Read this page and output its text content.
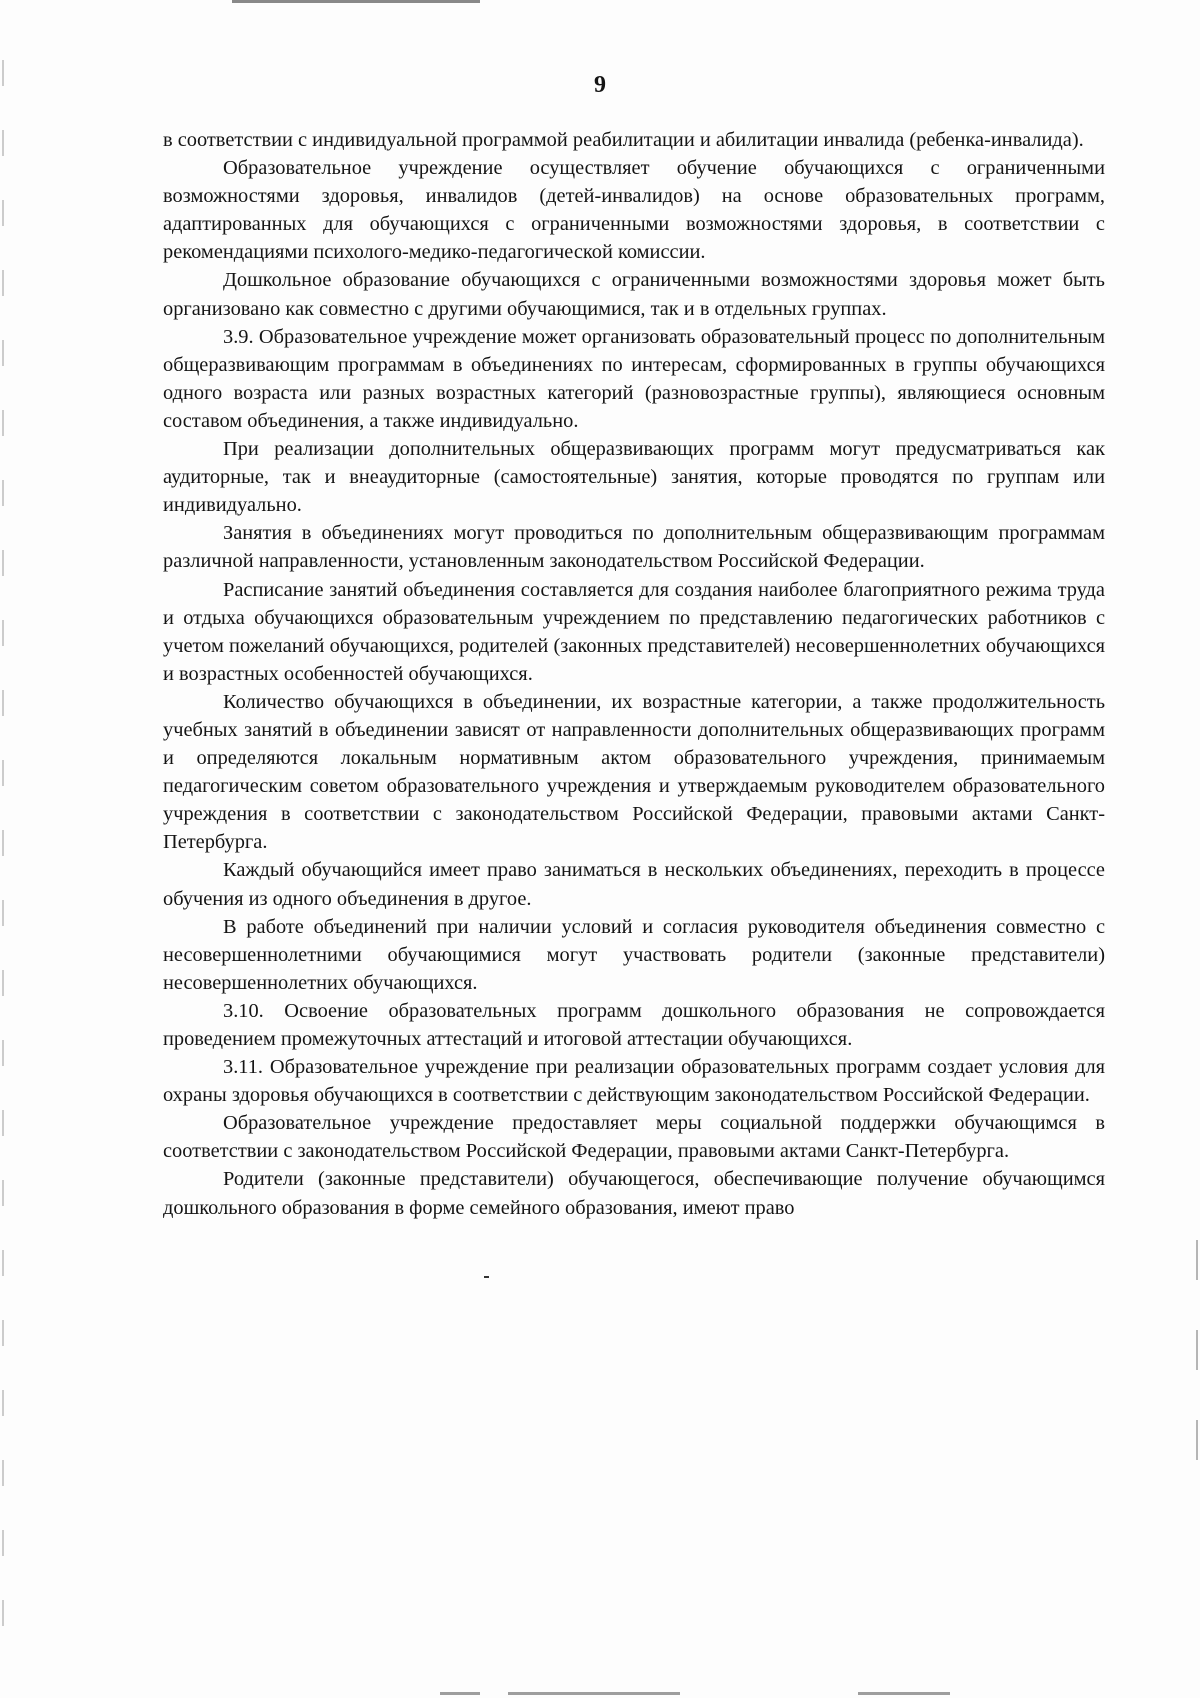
9

в соответствии с индивидуальной программой реабилитации и абилитации инвалида (ребенка-инвалида).

Образовательное учреждение осуществляет обучение обучающихся с ограниченными возможностями здоровья, инвалидов (детей-инвалидов) на основе образовательных программ, адаптированных для обучающихся с ограниченными возможностями здоровья, в соответствии с рекомендациями психолого-медико-педагогической комиссии.

Дошкольное образование обучающихся с ограниченными возможностями здоровья может быть организовано как совместно с другими обучающимися, так и в отдельных группах.

3.9. Образовательное учреждение может организовать образовательный процесс по дополнительным общеразвивающим программам в объединениях по интересам, сформированных в группы обучающихся одного возраста или разных возрастных категорий (разновозрастные группы), являющиеся основным составом объединения, а также индивидуально.

При реализации дополнительных общеразвивающих программ могут предусматриваться как аудиторные, так и внеаудиторные (самостоятельные) занятия, которые проводятся по группам или индивидуально.

Занятия в объединениях могут проводиться по дополнительным общеразвивающим программам различной направленности, установленным законодательством Российской Федерации.

Расписание занятий объединения составляется для создания наиболее благоприятного режима труда и отдыха обучающихся образовательным учреждением по представлению педагогических работников с учетом пожеланий обучающихся, родителей (законных представителей) несовершеннолетних обучающихся и возрастных особенностей обучающихся.

Количество обучающихся в объединении, их возрастные категории, а также продолжительность учебных занятий в объединении зависят от направленности дополнительных общеразвивающих программ и определяются локальным нормативным актом образовательного учреждения, принимаемым педагогическим советом образовательного учреждения и утверждаемым руководителем образовательного учреждения в соответствии с законодательством Российской Федерации, правовыми актами Санкт-Петербурга.

Каждый обучающийся имеет право заниматься в нескольких объединениях, переходить в процессе обучения из одного объединения в другое.

В работе объединений при наличии условий и согласия руководителя объединения совместно с несовершеннолетними обучающимися могут участвовать родители (законные представители) несовершеннолетних обучающихся.

3.10. Освоение образовательных программ дошкольного образования не сопровождается проведением промежуточных аттестаций и итоговой аттестации обучающихся.

3.11. Образовательное учреждение при реализации образовательных программ создает условия для охраны здоровья обучающихся в соответствии с действующим законодательством Российской Федерации.

Образовательное учреждение предоставляет меры социальной поддержки обучающимся в соответствии с законодательством Российской Федерации, правовыми актами Санкт-Петербурга.

Родители (законные представители) обучающегося, обеспечивающие получение обучающимся дошкольного образования в форме семейного образования, имеют право
